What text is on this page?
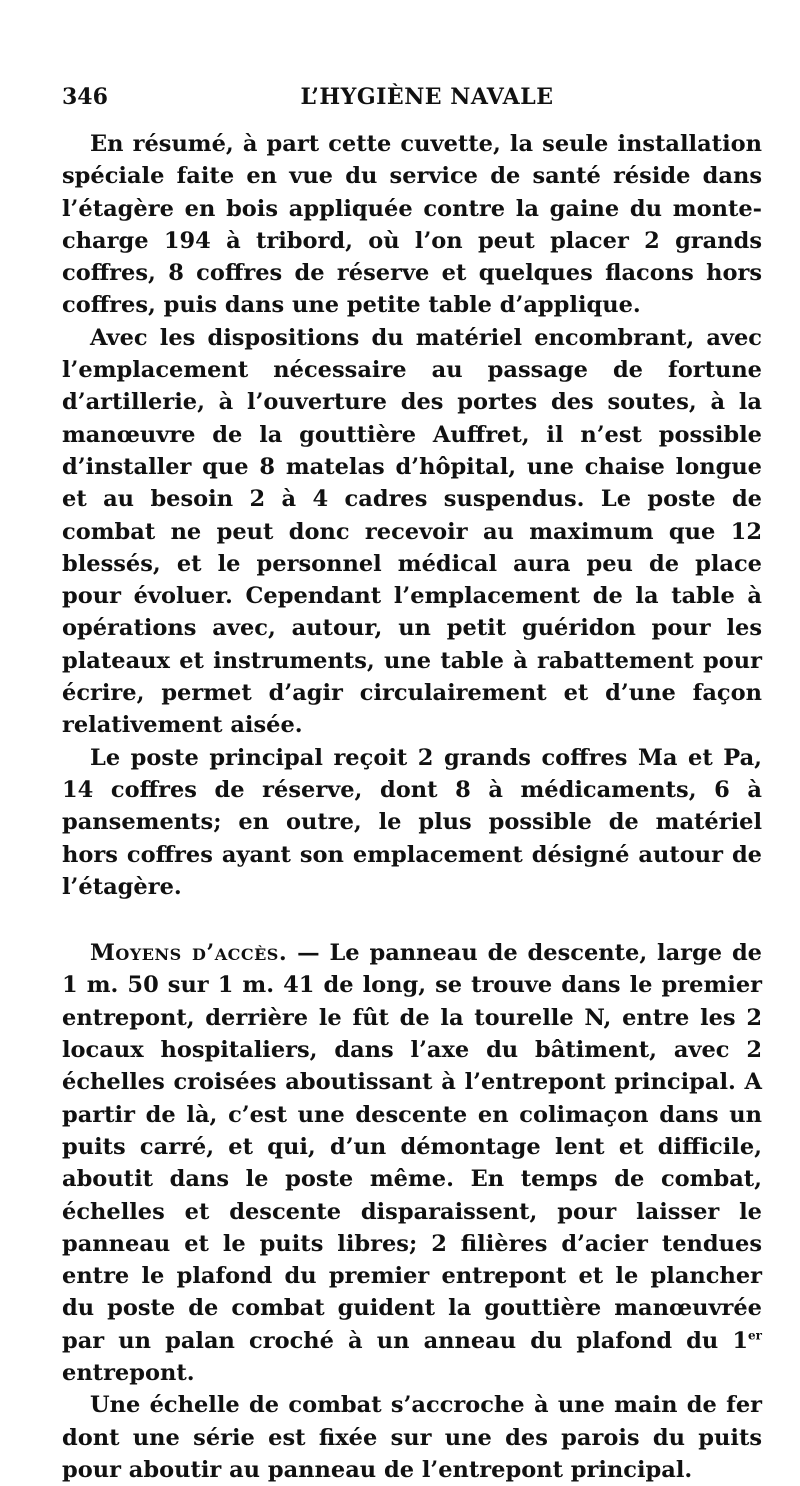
346	L’HYGIÈNE NAVALE

En résumé, à part cette cuvette, la seule installation spéciale faite en vue du service de santé réside dans l’étagère en bois appliquée contre la gaine du monte-charge 194 à tribord, où l’on peut placer 2 grands coffres, 8 coffres de réserve et quelques flacons hors coffres, puis dans une petite table d’applique.

Avec les dispositions du matériel encombrant, avec l’emplacement nécessaire au passage de fortune d’artillerie, à l’ouverture des portes des soutes, à la manœuvre de la gouttière Auffret, il n’est possible d’installer que 8 matelas d’hôpital, une chaise longue et au besoin 2 à 4 cadres suspendus. Le poste de combat ne peut donc recevoir au maximum que 12 blessés, et le personnel médical aura peu de place pour évoluer. Cependant l’emplacement de la table à opérations avec, autour, un petit guéridon pour les plateaux et instruments, une table à rabattement pour écrire, permet d’agir circulairement et d’une façon relativement aisée.

Le poste principal reçoit 2 grands coffres Ma et Pa, 14 coffres de réserve, dont 8 à médicaments, 6 à pansements; en outre, le plus possible de matériel hors coffres ayant son emplacement désigné autour de l’étagère.

Moyens d’accès. — Le panneau de descente, large de 1 m. 50 sur 1 m. 41 de long, se trouve dans le premier entrepont, derrière le fût de la tourelle N, entre les 2 locaux hospitaliers, dans l’axe du bâtiment, avec 2 échelles croisées aboutissant à l’entrepont principal. A partir de là, c’est une descente en colimaçon dans un puits carré, et qui, d’un démontage lent et difficile, aboutit dans le poste même. En temps de combat, échelles et descente disparaissent, pour laisser le panneau et le puits libres; 2 filières d’acier tendues entre le plafond du premier entrepont et le plancher du poste de combat guident la gouttière manœuvrée par un palan croché à un anneau du plafond du 1er entrepont.

Une échelle de combat s’accroche à une main de fer dont une série est fixée sur une des parois du puits pour aboutir au panneau de l’entrepont principal.
